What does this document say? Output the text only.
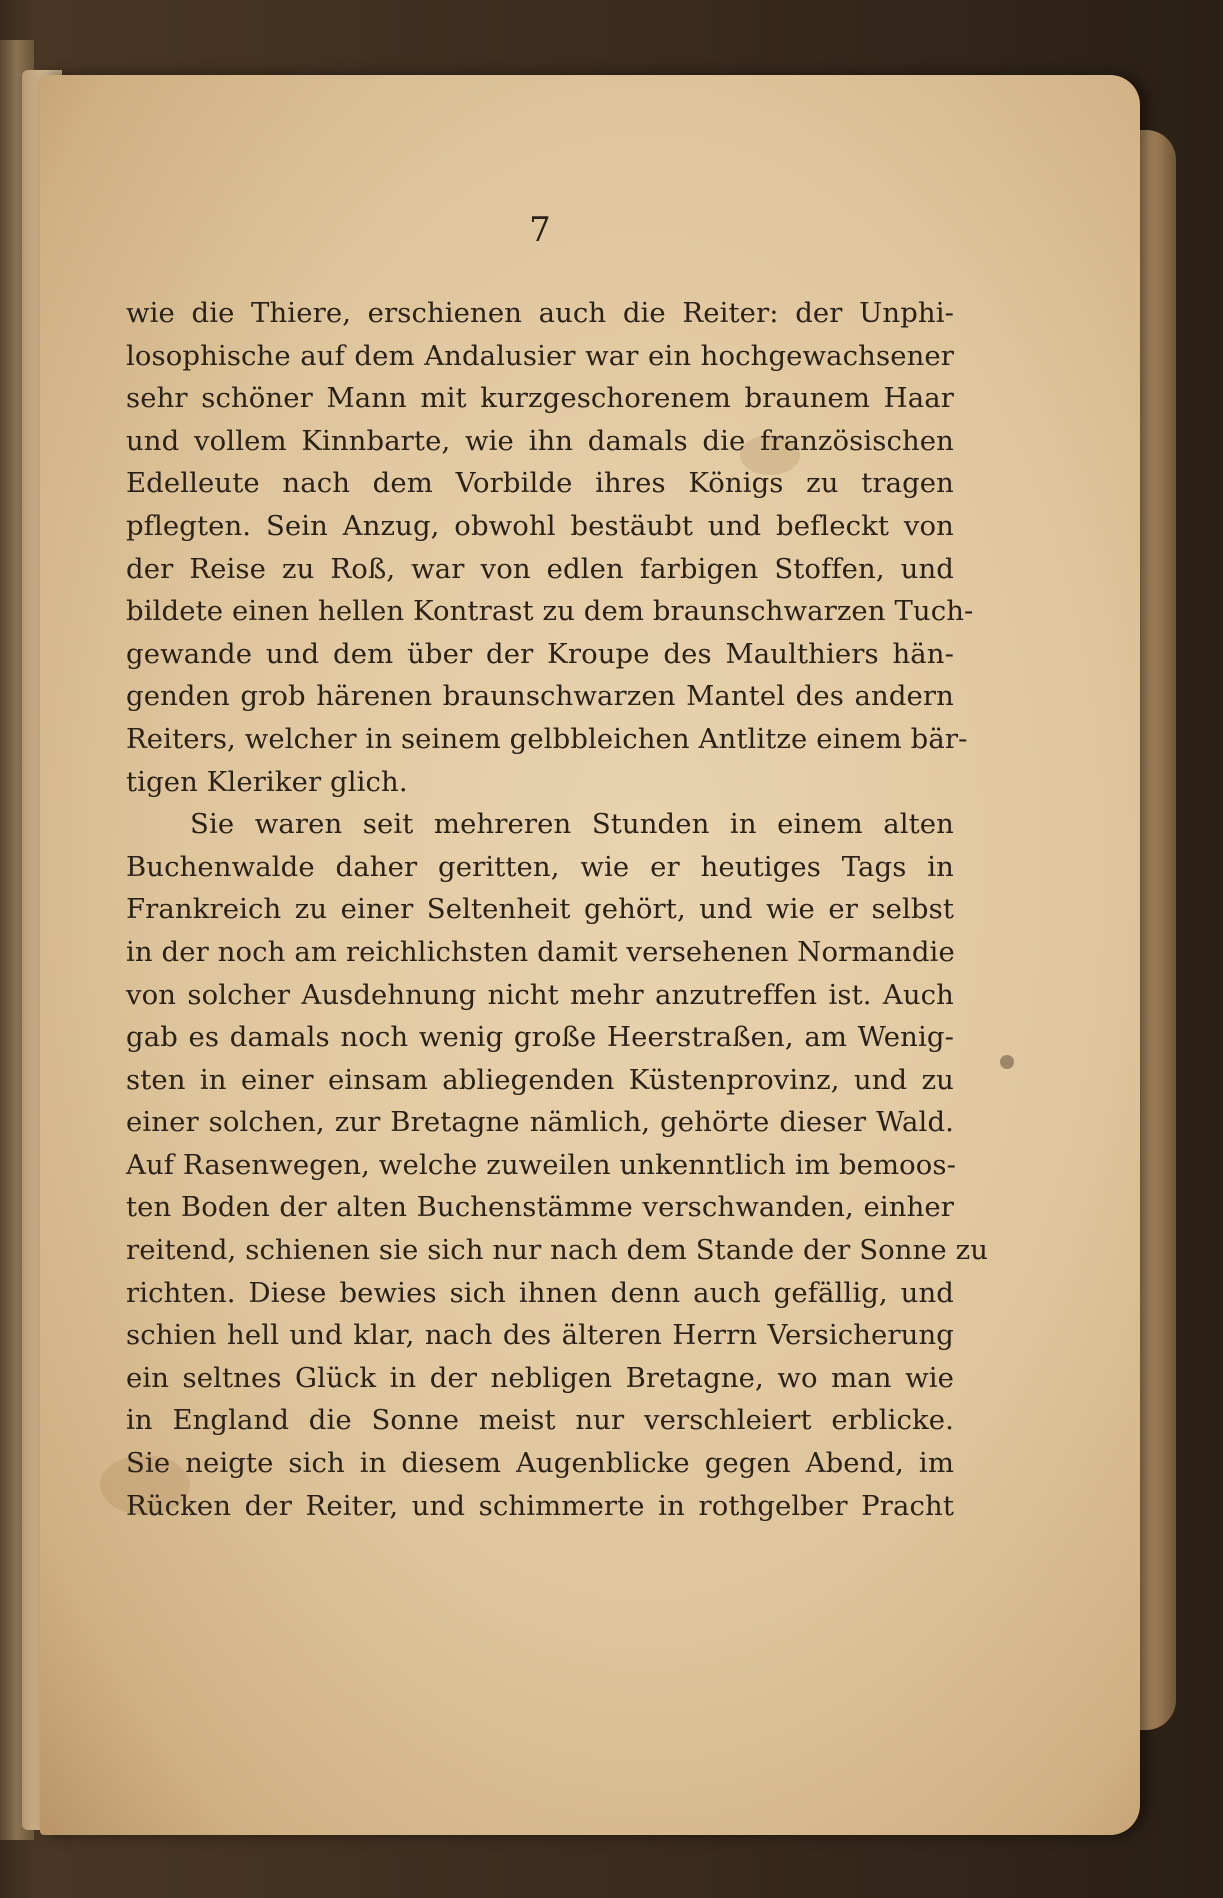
7
wie die Thiere, erschienen auch die Reiter: der Unphi-
losophische auf dem Andalusier war ein hochgewachsener
sehr schöner Mann mit kurzgeschorenem braunem Haar
und vollem Kinnbarte, wie ihn damals die französischen
Edelleute nach dem Vorbilde ihres Königs zu tragen
pflegten. Sein Anzug, obwohl bestäubt und befleckt von
der Reise zu Roß, war von edlen farbigen Stoffen, und
bildete einen hellen Kontrast zu dem braunschwarzen Tuch-
gewande und dem über der Kroupe des Maulthiers hän-
genden grob härenen braunschwarzen Mantel des andern
Reiters, welcher in seinem gelbbleichen Antlitze einem bär-
tigen Kleriker glich.
Sie waren seit mehreren Stunden in einem alten
Buchenwalde daher geritten, wie er heutiges Tags in
Frankreich zu einer Seltenheit gehört, und wie er selbst
in der noch am reichlichsten damit versehenen Normandie
von solcher Ausdehnung nicht mehr anzutreffen ist. Auch
gab es damals noch wenig große Heerstraßen, am Wenig-
sten in einer einsam abliegenden Küstenprovinz, und zu
einer solchen, zur Bretagne nämlich, gehörte dieser Wald.
Auf Rasenwegen, welche zuweilen unkenntlich im bemoos-
ten Boden der alten Buchenstämme verschwanden, einher
reitend, schienen sie sich nur nach dem Stande der Sonne zu
richten. Diese bewies sich ihnen denn auch gefällig, und
schien hell und klar, nach des älteren Herrn Versicherung
ein seltnes Glück in der nebligen Bretagne, wo man wie
in England die Sonne meist nur verschleiert erblicke.
Sie neigte sich in diesem Augenblicke gegen Abend, im
Rücken der Reiter, und schimmerte in rothgelber Pracht
